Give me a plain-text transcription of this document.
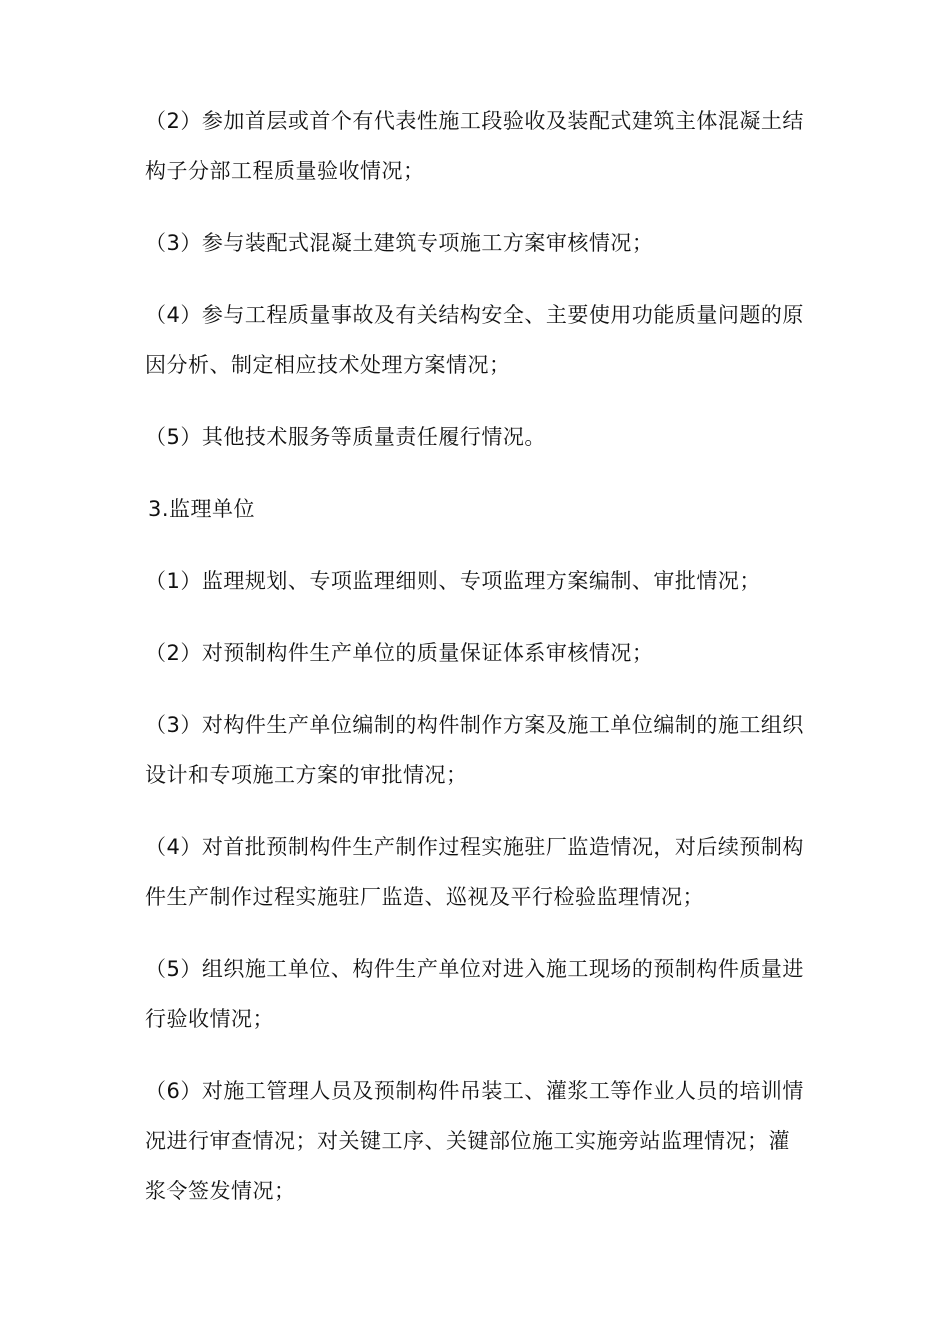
（2）参加首层或首个有代表性施工段验收及装配式建筑主体混凝土结构子分部工程质量验收情况；
（3）参与装配式混凝土建筑专项施工方案审核情况；
（4）参与工程质量事故及有关结构安全、主要使用功能质量问题的原因分析、制定相应技术处理方案情况；
（5）其他技术服务等质量责任履行情况。
3.监理单位
（1）监理规划、专项监理细则、专项监理方案编制、审批情况；
（2）对预制构件生产单位的质量保证体系审核情况；
（3）对构件生产单位编制的构件制作方案及施工单位编制的施工组织设计和专项施工方案的审批情况；
（4）对首批预制构件生产制作过程实施驻厂监造情况，对后续预制构件生产制作过程实施驻厂监造、巡视及平行检验监理情况；
（5）组织施工单位、构件生产单位对进入施工现场的预制构件质量进行验收情况；
（6）对施工管理人员及预制构件吊装工、灌浆工等作业人员的培训情况进行审查情况；对关键工序、关键部位施工实施旁站监理情况；灌浆令签发情况；
